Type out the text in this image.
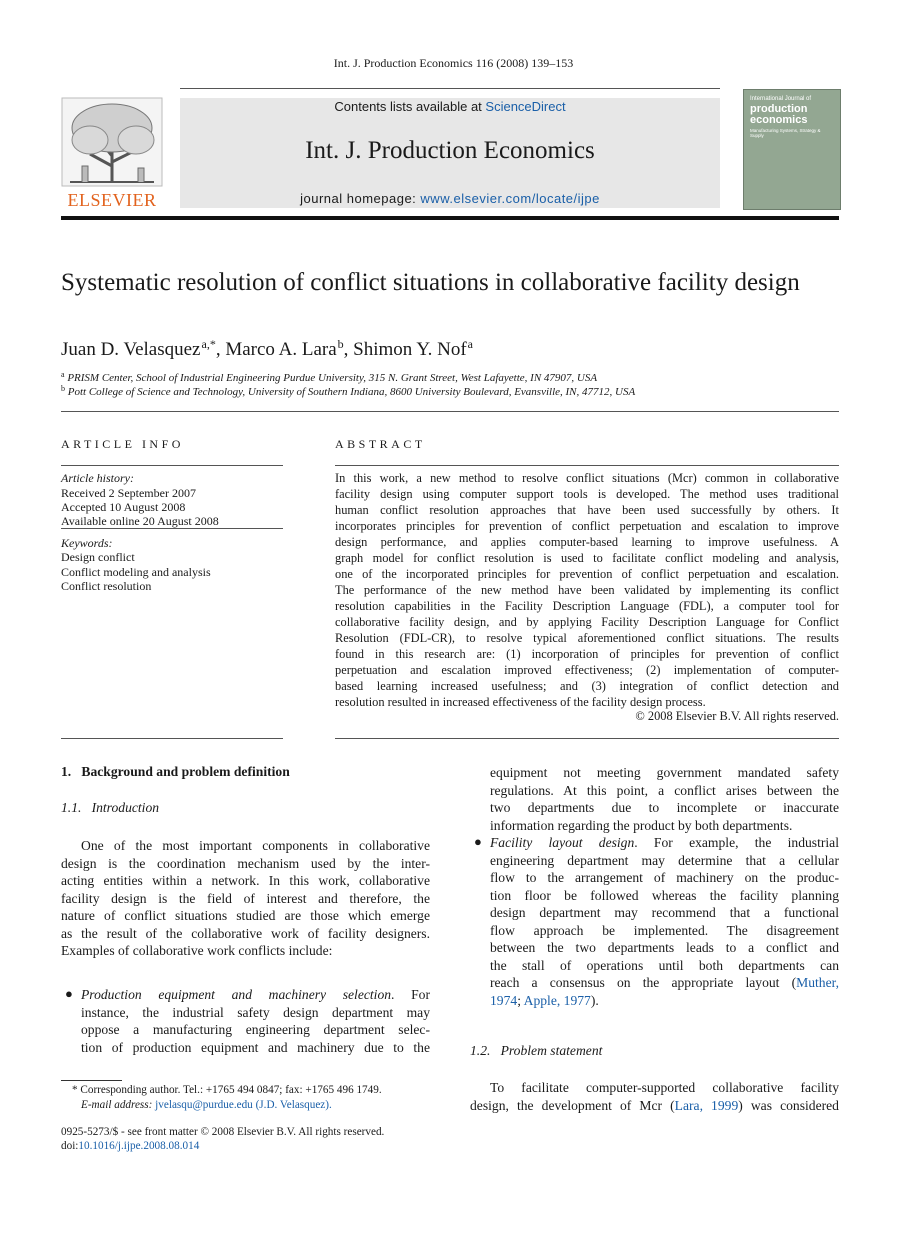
Int. J. Production Economics 116 (2008) 139–153
ELSEVIER
Contents lists available at ScienceDirect
Int. J. Production Economics
journal homepage: www.elsevier.com/locate/ijpe
International Journal of
production
economics
Manufacturing Systems, Strategy & Supply
Systematic resolution of conflict situations in collaborative facility design
Juan D. Velasquez $^{a,*}$, Marco A. Lara $^b$, Shimon Y. Nof $^a$
$^a$ PRISM Center, School of Industrial Engineering Purdue University, 315 N. Grant Street, West Lafayette, IN 47907, USA
$^b$ Pott College of Science and Technology, University of Southern Indiana, 8600 University Boulevard, Evansville, IN, 47712, USA
ARTICLE INFO
Article history:
Received 2 September 2007
Accepted 10 August 2008
Available online 20 August 2008
Keywords:
Design conflict
Conflict modeling and analysis
Conflict resolution
ABSTRACT
In this work, a new method to resolve conflict situations (Mcr) common in collaborative
facility design using computer support tools is developed. The method uses traditional
human conflict resolution approaches that have been used successfully by others. It
incorporates principles for prevention of conflict perpetuation and escalation to improve
design performance, and applies computer-based learning to improve usefulness. A
graph model for conflict resolution is used to facilitate conflict modeling and analysis,
one of the incorporated principles for prevention of conflict perpetuation and escalation.
The performance of the new method have been validated by implementing its conflict
resolution capabilities in the Facility Description Language (FDL), a computer tool for
collaborative facility design, and by applying Facility Description Language for Conflict
Resolution (FDL-CR), to resolve typical aforementioned conflict situations. The results
found in this research are: (1) incorporation of principles for prevention of conflict
perpetuation and escalation improved effectiveness; (2) implementation of computer-
based learning increased usefulness; and (3) integration of conflict detection and
resolution resulted in increased effectiveness of the facility design process.
© 2008 Elsevier B.V. All rights reserved.
1.   Background and problem definition
1.1.   Introduction
One of the most important components in collaborative
design is the coordination mechanism used by the inter-
acting entities within a network. In this work, collaborative
facility design is the field of interest and therefore, the
nature of conflict situations studied are those which emerge
as the result of the collaborative work of facility designers.
Examples of collaborative work conflicts include:
● Production equipment and machinery selection. For
instance, the industrial safety design department may
oppose a manufacturing engineering department selec-
tion of production equipment and machinery due to the
equipment not meeting government mandated safety
regulations. At this point, a conflict arises between the
two departments due to incomplete or inaccurate
information regarding the product by both departments.
● Facility layout design. For example, the industrial
engineering department may determine that a cellular
flow to the arrangement of machinery on the produc-
tion floor be followed whereas the facility planning
design department may recommend that a functional
flow approach be implemented. The disagreement
between the two departments leads to a conflict and
the stall of operations until both departments can
reach a consensus on the appropriate layout (Muther,
1974; Apple, 1977).
1.2.   Problem statement
To facilitate computer-supported collaborative facility
design, the development of Mcr (Lara, 1999) was considered
* Corresponding author. Tel.: +1765 494 0847; fax: +1765 496 1749.
E-mail address: jvelasqu@purdue.edu (J.D. Velasquez).
0925-5273/$ - see front matter © 2008 Elsevier B.V. All rights reserved.
doi:10.1016/j.ijpe.2008.08.014
